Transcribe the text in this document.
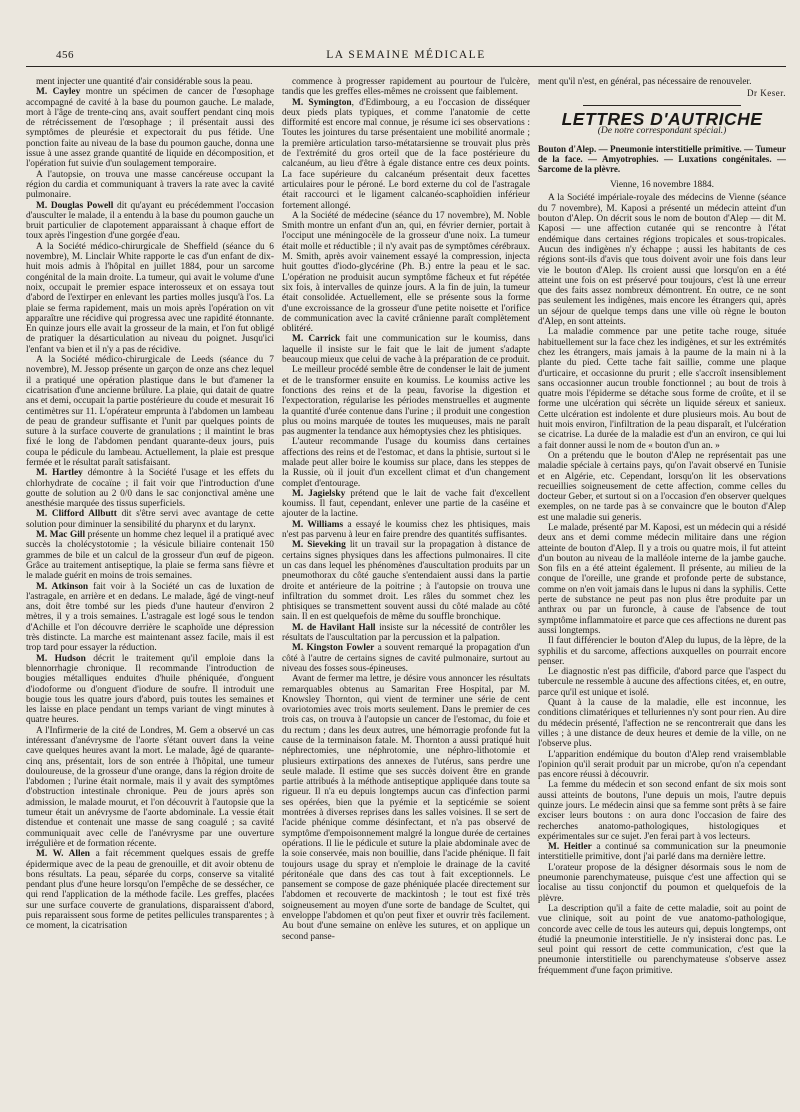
456	LA SEMAINE MÉDICALE

ment injecter une quantité d'air considérable sous la peau.

M. Cayley montre un spécimen de cancer de l'œsophage accompagné de cavité à la base du poumon gauche. Le malade, mort à l'âge de trente-cinq ans, avait souffert pendant cinq mois de rétrécissement de l'œsophage ; il présentait aussi des symptômes de pleurésie et expectorait du pus fétide. Une ponction faite au niveau de la base du poumon gauche, donna une issue à une assez grande quantité de liquide en décomposition, et l'opération fut suivie d'un soulagement temporaire.

A l'autopsie, on trouva une masse cancéreuse occupant la région du cardia et communiquant à travers la rate avec la cavité pulmonaire.

M. Douglas Powell dit qu'ayant eu précédemment l'occasion d'ausculter le malade, il a entendu à la base du poumon gauche un bruit particulier de clapotement apparaissant à chaque effort de toux après l'ingestion d'une gorgée d'eau.

A la Société médico-chirurgicale de Sheffield (séance du 6 novembre), M. Linclair White rapporte le cas d'un enfant de dix-huit mois admis à l'hôpital en juillet 1884, pour un sarcome congénital de la main droite. La tumeur, qui avait le volume d'une noix, occupait le premier espace interosseux et on essaya tout d'abord de l'extirper en enlevant les parties molles jusqu'à l'os. La plaie se ferma rapidement, mais un mois après l'opération on vit apparaître une récidive qui progressa avec une rapidité étonnante. En quinze jours elle avait la grosseur de la main, et l'on fut obligé de pratiquer la désarticulation au niveau du poignet. Jusqu'ici l'enfant va bien et il n'y a pas de récidive.

A la Société médico-chirurgicale de Leeds (séance du 7 novembre), M. Jessop présente un garçon de onze ans chez lequel il a pratiqué une opération plastique dans le but d'amener la cicatrisation d'une ancienne brûlure. La plaie, qui datait de quatre ans et demi, occupait la partie postérieure du coude et mesurait 16 centimètres sur 11. L'opérateur emprunta à l'abdomen un lambeau de peau de grandeur suffisante et l'unit par quelques points de suture à la surface couverte de granulations ; il maintint le bras fixé le long de l'abdomen pendant quarante-deux jours, puis coupa le pédicule du lambeau. Actuellement, la plaie est presque fermée et le résultat paraît satisfaisant.

M. Hartley démontre à la Société l'usage et les effets du chlorhydrate de cocaïne ; il fait voir que l'introduction d'une goutte de solution au 2 0/0 dans le sac conjonctival amène une anesthésie marquée des tissus superficiels.

M. Clifford Allbutt dit s'être servi avec avantage de cette solution pour diminuer la sensibilité du pharynx et du larynx.

M. Mac Gill présente un homme chez lequel il a pratiqué avec succès la cholécystotomie ; la vésicule biliaire contenait 150 grammes de bile et un calcul de la grosseur d'un œuf de pigeon. Grâce au traitement antiseptique, la plaie se ferma sans fièvre et le malade guérit en moins de trois semaines.

M. Atkinson fait voir à la Société un cas de luxation de l'astragale, en arrière et en dedans. Le malade, âgé de vingt-neuf ans, doit être tombé sur les pieds d'une hauteur d'environ 2 mètres, il y a trois semaines. L'astragale est logé sous le tendon d'Achille et l'on découvre derrière le scaphoïde une dépression très distincte. La marche est maintenant assez facile, mais il est trop tard pour essayer la réduction.

M. Hudson décrit le traitement qu'il emploie dans la blennorrhagie chronique. Il recommande l'introduction de bougies métalliques enduites d'huile phéniquée, d'onguent d'iodoforme ou d'onguent d'iodure de soufre. Il introduit une bougie tous les quatre jours d'abord, puis toutes les semaines et les laisse en place pendant un temps variant de vingt minutes à quatre heures.

A l'Infirmerie de la cité de Londres, M. Gem a observé un cas intéressant d'anévrysme de l'aorte s'étant ouvert dans la veine cave quelques heures avant la mort. Le malade, âgé de quarante-cinq ans, présentait, lors de son entrée à l'hôpital, une tumeur douloureuse, de la grosseur d'une orange, dans la région droite de l'abdomen ; l'urine était normale, mais il y avait des symptômes d'obstruction intestinale chronique. Peu de jours après son admission, le malade mourut, et l'on découvrit à l'autopsie que la tumeur était un anévrysme de l'aorte abdominale. La vessie était distendue et contenait une masse de sang coagulé ; sa cavité communiquait avec celle de l'anévrysme par une ouverture irrégulière et de formation récente.

M. W. Allen a fait récemment quelques essais de greffe épidermique avec de la peau de grenouille, et dit avoir obtenu de bons résultats. La peau, séparée du corps, conserve sa vitalité pendant plus d'une heure lorsqu'on l'empêche de se dessécher, ce qui rend l'application de la méthode facile. Les greffes, placées sur une surface couverte de granulations, disparaissent d'abord, puis reparaissent sous forme de petites pellicules transparentes ; à ce moment, la cicatrisation

commence à progresser rapidement au pourtour de l'ulcère, tandis que les greffes elles-mêmes ne croissent que faiblement.

M. Symington, d'Edimbourg, a eu l'occasion de disséquer deux pieds plats typiques, et comme l'anatomie de cette difformité est encore mal connue, je résume ici ses observations : Toutes les jointures du tarse présentaient une mobilité anormale ; la première articulation tarso-métatarsienne se trouvait plus près de l'extrémité du gros orteil que de la face postérieure du calcanéum, au lieu d'être à égale distance entre ces deux points. La face supérieure du calcanéum présentait deux facettes articulaires pour le péroné. Le bord externe du col de l'astragale était raccourci et le ligament calcanéo-scaphoïdien inférieur fortement allongé.

A la Société de médecine (séance du 17 novembre), M. Noble Smith montre un enfant d'un an, qui, en février dernier, portait à l'occiput une méningocèle de la grosseur d'une noix. La tumeur était molle et réductible ; il n'y avait pas de symptômes cérébraux. M. Smith, après avoir vainement essayé la compression, injecta huit gouttes d'iodo-glycérine (Ph. B.) entre la peau et le sac. L'opération ne produisit aucun symptôme fâcheux et fut répétée six fois, à intervalles de quinze jours. A la fin de juin, la tumeur était consolidée. Actuellement, elle se présente sous la forme d'une excroissance de la grosseur d'une petite noisette et l'orifice de communication avec la cavité crânienne paraît complètement oblitéré.

M. Carrick fait une communication sur le koumiss, dans laquelle il insiste sur le fait que le lait de jument s'adapte beaucoup mieux que celui de vache à la préparation de ce produit.

Le meilleur procédé semble être de condenser le lait de jument et de le transformer ensuite en koumiss. Le koumiss active les fonctions des reins et de la peau, favorise la digestion et l'expectoration, régularise les périodes menstruelles et augmente la quantité d'urée contenue dans l'urine ; il produit une congestion plus ou moins marquée de toutes les muqueuses, mais ne paraît pas augmenter la tendance aux hémoptysies chez les phtisiques.

L'auteur recommande l'usage du koumiss dans certaines affections des reins et de l'estomac, et dans la phtisie, surtout si le malade peut aller boire le koumiss sur place, dans les steppes de la Russie, où il jouit d'un excellent climat et d'un changement complet d'entourage.

M. Jagielsky prétend que le lait de vache fait d'excellent koumiss. Il faut, cependant, enlever une partie de la caséine et ajouter de la lactine.

M. Williams a essayé le koumiss chez les phtisiques, mais n'est pas parvenu à leur en faire prendre des quantités suffisantes.

M. Sieveking lit un travail sur la propagation à distance de certains signes physiques dans les affections pulmonaires. Il cite un cas dans lequel les phénomènes d'auscultation produits par un pneumothorax du côté gauche s'entendaient aussi dans la partie droite et antérieure de la poitrine ; à l'autopsie on trouva une infiltration du sommet droit. Les râles du sommet chez les phtisiques se transmettent souvent aussi du côté malade au côté sain. Il en est quelquefois de même du souffle bronchique.

M. de Havilant Hall insiste sur la nécessité de contrôler les résultats de l'auscultation par la percussion et la palpation.

M. Kingston Fowler a souvent remarqué la propagation d'un côté à l'autre de certains signes de cavité pulmonaire, surtout au niveau des fosses sous-épineuses.

Avant de fermer ma lettre, je désire vous annoncer les résultats remarquables obtenus au Samaritan Free Hospital, par M. Knowsley Thornton, qui vient de terminer une série de cent ovariotomies avec trois morts seulement. Dans le premier de ces trois cas, on trouva à l'autopsie un cancer de l'estomac, du foie et du rectum ; dans les deux autres, une hémorragie profonde fut la cause de la terminaison fatale. M. Thornton a aussi pratiqué huit néphrectomies, une néphrotomie, une néphro-lithotomie et plusieurs extirpations des annexes de l'utérus, sans perdre une seule malade. Il estime que ses succès doivent être en grande partie attribués à la méthode antiseptique appliquée dans toute sa rigueur. Il n'a eu depuis longtemps aucun cas d'infection parmi ses opérées, bien que la pyémie et la septicémie se soient montrées à diverses reprises dans les salles voisines. Il se sert de l'acide phénique comme désinfectant, et n'a pas observé de symptôme d'empoisonnement malgré la longue durée de certaines opérations. Il lie le pédicule et suture la plaie abdominale avec de la soie conservée, mais non bouillie, dans l'acide phénique. Il fait toujours usage du spray et n'emploie le drainage de la cavité péritonéale que dans des cas tout à fait exceptionnels. Le pansement se compose de gaze phéniquée placée directement sur l'abdomen et recouverte de mackintosh ; le tout est fixé très soigneusement au moyen d'une sorte de bandage de Scultet, qui enveloppe l'abdomen et qu'on peut fixer et ouvrir très facilement. Au bout d'une semaine on enlève les sutures, et on applique un second panse-

ment qu'il n'est, en général, pas nécessaire de renouveler.

Dr Keser.

LETTRES D'AUTRICHE
(De notre correspondant spécial.)

Bouton d'Alep. — Pneumonie interstitielle primitive. — Tumeur de la face. — Amyotrophies. — Luxations congénitales. — Sarcome de la plèvre.

Vienne, 16 novembre 1884.

A la Société impériale-royale des médecins de Vienne (séance du 7 novembre), M. Kaposi a présenté un médecin atteint d'un bouton d'Alep. On décrit sous le nom de bouton d'Alep — dit M. Kaposi — une affection cutanée qui se rencontre à l'état endémique dans certaines régions tropicales et sous-tropicales. Aucun des indigènes n'y échappe ; aussi les habitants de ces régions sont-ils d'avis que tous doivent avoir une fois dans leur vie le bouton d'Alep. Ils croient aussi que lorsqu'on en a été atteint une fois on est préservé pour toujours, c'est là une erreur que des faits assez nombreux démontrent. En outre, ce ne sont pas seulement les indigènes, mais encore les étrangers qui, après un séjour de quelque temps dans une ville où règne le bouton d'Alep, en sont atteints.

La maladie commence par une petite tache rouge, située habituellement sur la face chez les indigènes, et sur les extrémités chez les étrangers, mais jamais à la paume de la main ni à la plante du pied. Cette tache fait saillie, comme une plaque d'urticaire, et occasionne du prurit ; elle s'accroît insensiblement sans occasionner aucun trouble fonctionnel ; au bout de trois à quatre mois l'épiderme se détache sous forme de croûte, et il se forme une ulcération qui sécrète un liquide séreux et sanieux. Cette ulcération est indolente et dure plusieurs mois. Au bout de huit mois environ, l'infiltration de la peau disparaît, et l'ulcération se cicatrise. La durée de la maladie est d'un an environ, ce qui lui a fait donner aussi le nom de « bouton d'un an. »

On a prétendu que le bouton d'Alep ne représentait pas une maladie spéciale à certains pays, qu'on l'avait observé en Tunisie et en Algérie, etc. Cependant, lorsqu'on lit les observations recueillies soigneusement de cette affection, comme celles du docteur Geber, et surtout si on a l'occasion d'en observer quelques exemples, on ne tarde pas à se convaincre que le bouton d'Alep est une maladie sui generis.

Le malade, présenté par M. Kaposi, est un médecin qui a résidé deux ans et demi comme médecin militaire dans une région atteinte de bouton d'Alep. Il y a trois ou quatre mois, il fut atteint d'un bouton au niveau de la malléole interne de la jambe gauche. Son fils en a été atteint également. Il présente, au milieu de la conque de l'oreille, une grande et profonde perte de substance, comme on n'en voit jamais dans le lupus ni dans la syphilis. Cette perte de substance ne peut pas non plus être produite par un anthrax ou par un furoncle, à cause de l'absence de tout symptôme inflammatoire et parce que ces affections ne durent pas aussi longtemps.

Il faut différencier le bouton d'Alep du lupus, de la lèpre, de la syphilis et du sarcome, affections auxquelles on pourrait encore penser.

Le diagnostic n'est pas difficile, d'abord parce que l'aspect du tubercule ne ressemble à aucune des affections citées, et, en outre, parce qu'il est unique et isolé.

Quant à la cause de la maladie, elle est inconnue, les conditions climatériques et telluriennes n'y sont pour rien. Au dire du médecin présenté, l'affection ne se rencontrerait que dans les villes ; à une distance de deux heures et demie de la ville, on ne l'observe plus.

L'apparition endémique du bouton d'Alep rend vraisemblable l'opinion qu'il serait produit par un microbe, qu'on n'a cependant pas encore réussi à découvrir.

La femme du médecin et son second enfant de six mois sont aussi atteints de boutons, l'une depuis un mois, l'autre depuis quinze jours. Le médecin ainsi que sa femme sont prêts à se faire exciser leurs boutons : on aura donc l'occasion de faire des recherches anatomo-pathologiques, histologiques et expérimentales sur ce sujet. J'en ferai part à vos lecteurs.

M. Heitler a continué sa communication sur la pneumonie interstitielle primitive, dont j'ai parlé dans ma dernière lettre.

L'orateur propose de la désigner désormais sous le nom de pneumonie parenchymateuse, puisque c'est une affection qui se localise au tissu conjonctif du poumon et quelquefois de la plèvre.

La description qu'il a faite de cette maladie, soit au point de vue clinique, soit au point de vue anatomo-pathologique, concorde avec celle de tous les auteurs qui, depuis longtemps, ont étudié la pneumonie interstitielle. Je n'y insisterai donc pas. Le seul point qui ressort de cette communication, c'est que la pneumonie interstitielle ou parenchymateuse s'observe assez fréquemment d'une façon primitive.
